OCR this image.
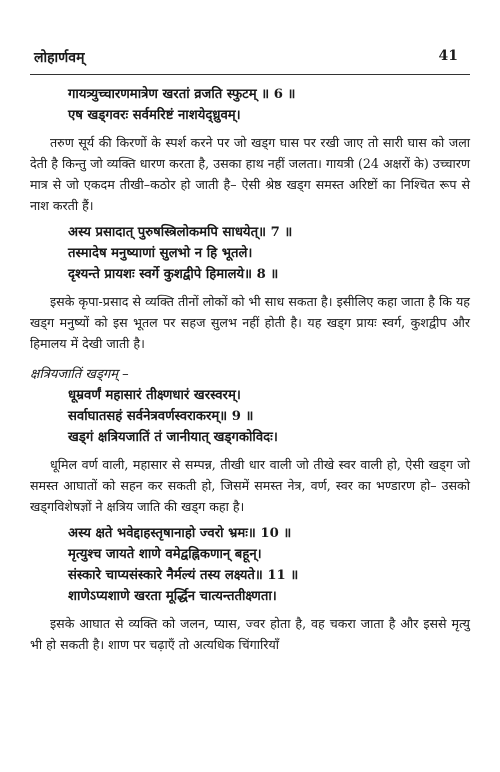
लोहार्णवम्	41
गायत्र्युच्चारणमात्रेण खरतां व्रजति स्फुटम् ॥ 6 ॥
एष खड्गवरः सर्वमरिष्टं नाशयेद्ध्रुवम्।

तरुण सूर्य की किरणों के स्पर्श करने पर जो खड्ग घास पर रखी जाए तो सारी घास को जला देती है किन्तु जो व्यक्ति धारण करता है, उसका हाथ नहीं जलता। गायत्री (24 अक्षरों के) उच्चारण मात्र से जो एकदम तीखी–कठोर हो जाती है– ऐसी श्रेष्ठ खड्ग समस्त अरिष्टों का निश्चित रूप से नाश करती हैं।

अस्य प्रसादात् पुरुषस्त्रिलोकमपि साधयेत्॥ 7 ॥
तस्मादेष मनुष्याणां सुलभो न हि भूतले।
दृश्यन्ते प्रायशः स्वर्गे कुशद्वीपे हिमालये॥ 8 ॥

इसके कृपा-प्रसाद से व्यक्ति तीनों लोकों को भी साध सकता है। इसीलिए कहा जाता है कि यह खड्ग मनुष्यों को इस भूतल पर सहज सुलभ नहीं होती है। यह खड्ग प्रायः स्वर्ग, कुशद्वीप और हिमालय में देखी जाती है।

क्षत्रियजातिं खड्गम् –
धूम्रवर्णं महासारं तीक्ष्णधारं खरस्वरम्।
सर्वाघातसहं सर्वनेत्रवर्णस्वराकरम्॥ 9 ॥
खड्गं क्षत्रियजातिं तं जानीयात् खड्गकोविदः।

धूमिल वर्ण वाली, महासार से सम्पन्न, तीखी धार वाली जो तीखे स्वर वाली हो, ऐसी खड्ग जो समस्त आघातों को सहन कर सकती हो, जिसमें समस्त नेत्र, वर्ण, स्वर का भण्डारण हो– उसको खड्गविशेषज्ञों ने क्षत्रिय जाति की खड्ग कहा है।

अस्य क्षते भवेद्दाहस्तृषानाहो ज्वरो भ्रमः॥ 10 ॥
मृत्युश्च जायते शाणे वमेद्वह्निकणान् बहून्।
संस्कारे चाप्यसंस्कारे नैर्मल्यं तस्य लक्ष्यते॥ 11 ॥
शाणेऽप्यशाणे खरता मूर्द्धिन चात्यन्ततीक्ष्णता।

इसके आघात से व्यक्ति को जलन, प्यास, ज्वर होता है, वह चकरा जाता है और इससे मृत्यु भी हो सकती है। शाण पर चढ़ाएँ तो अत्यधिक चिंगारियाँ
